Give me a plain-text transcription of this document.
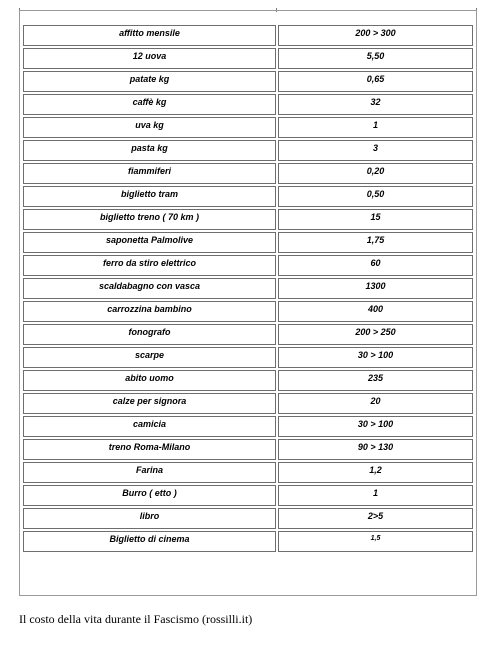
affitto mensile	200 > 300
12 uova	5,50
patate kg	0,65
caffè kg	32
uva kg	1
pasta kg	3
fiammiferi	0,20
biglietto tram	0,50
biglietto treno ( 70 km )	15
saponetta Palmolive	1,75
ferro da stiro elettrico	60
scaldabagno con vasca	1300
carrozzina bambino	400
fonografo	200 > 250
scarpe	30 > 100
abito uomo	235
calze per signora	20
camicia	30 > 100
treno Roma-Milano	90 > 130
Farina	1,2
Burro ( etto )	1
libro	2>5
Biglietto di cinema	1,5
Il costo della vita durante il Fascismo (rossilli.it)
